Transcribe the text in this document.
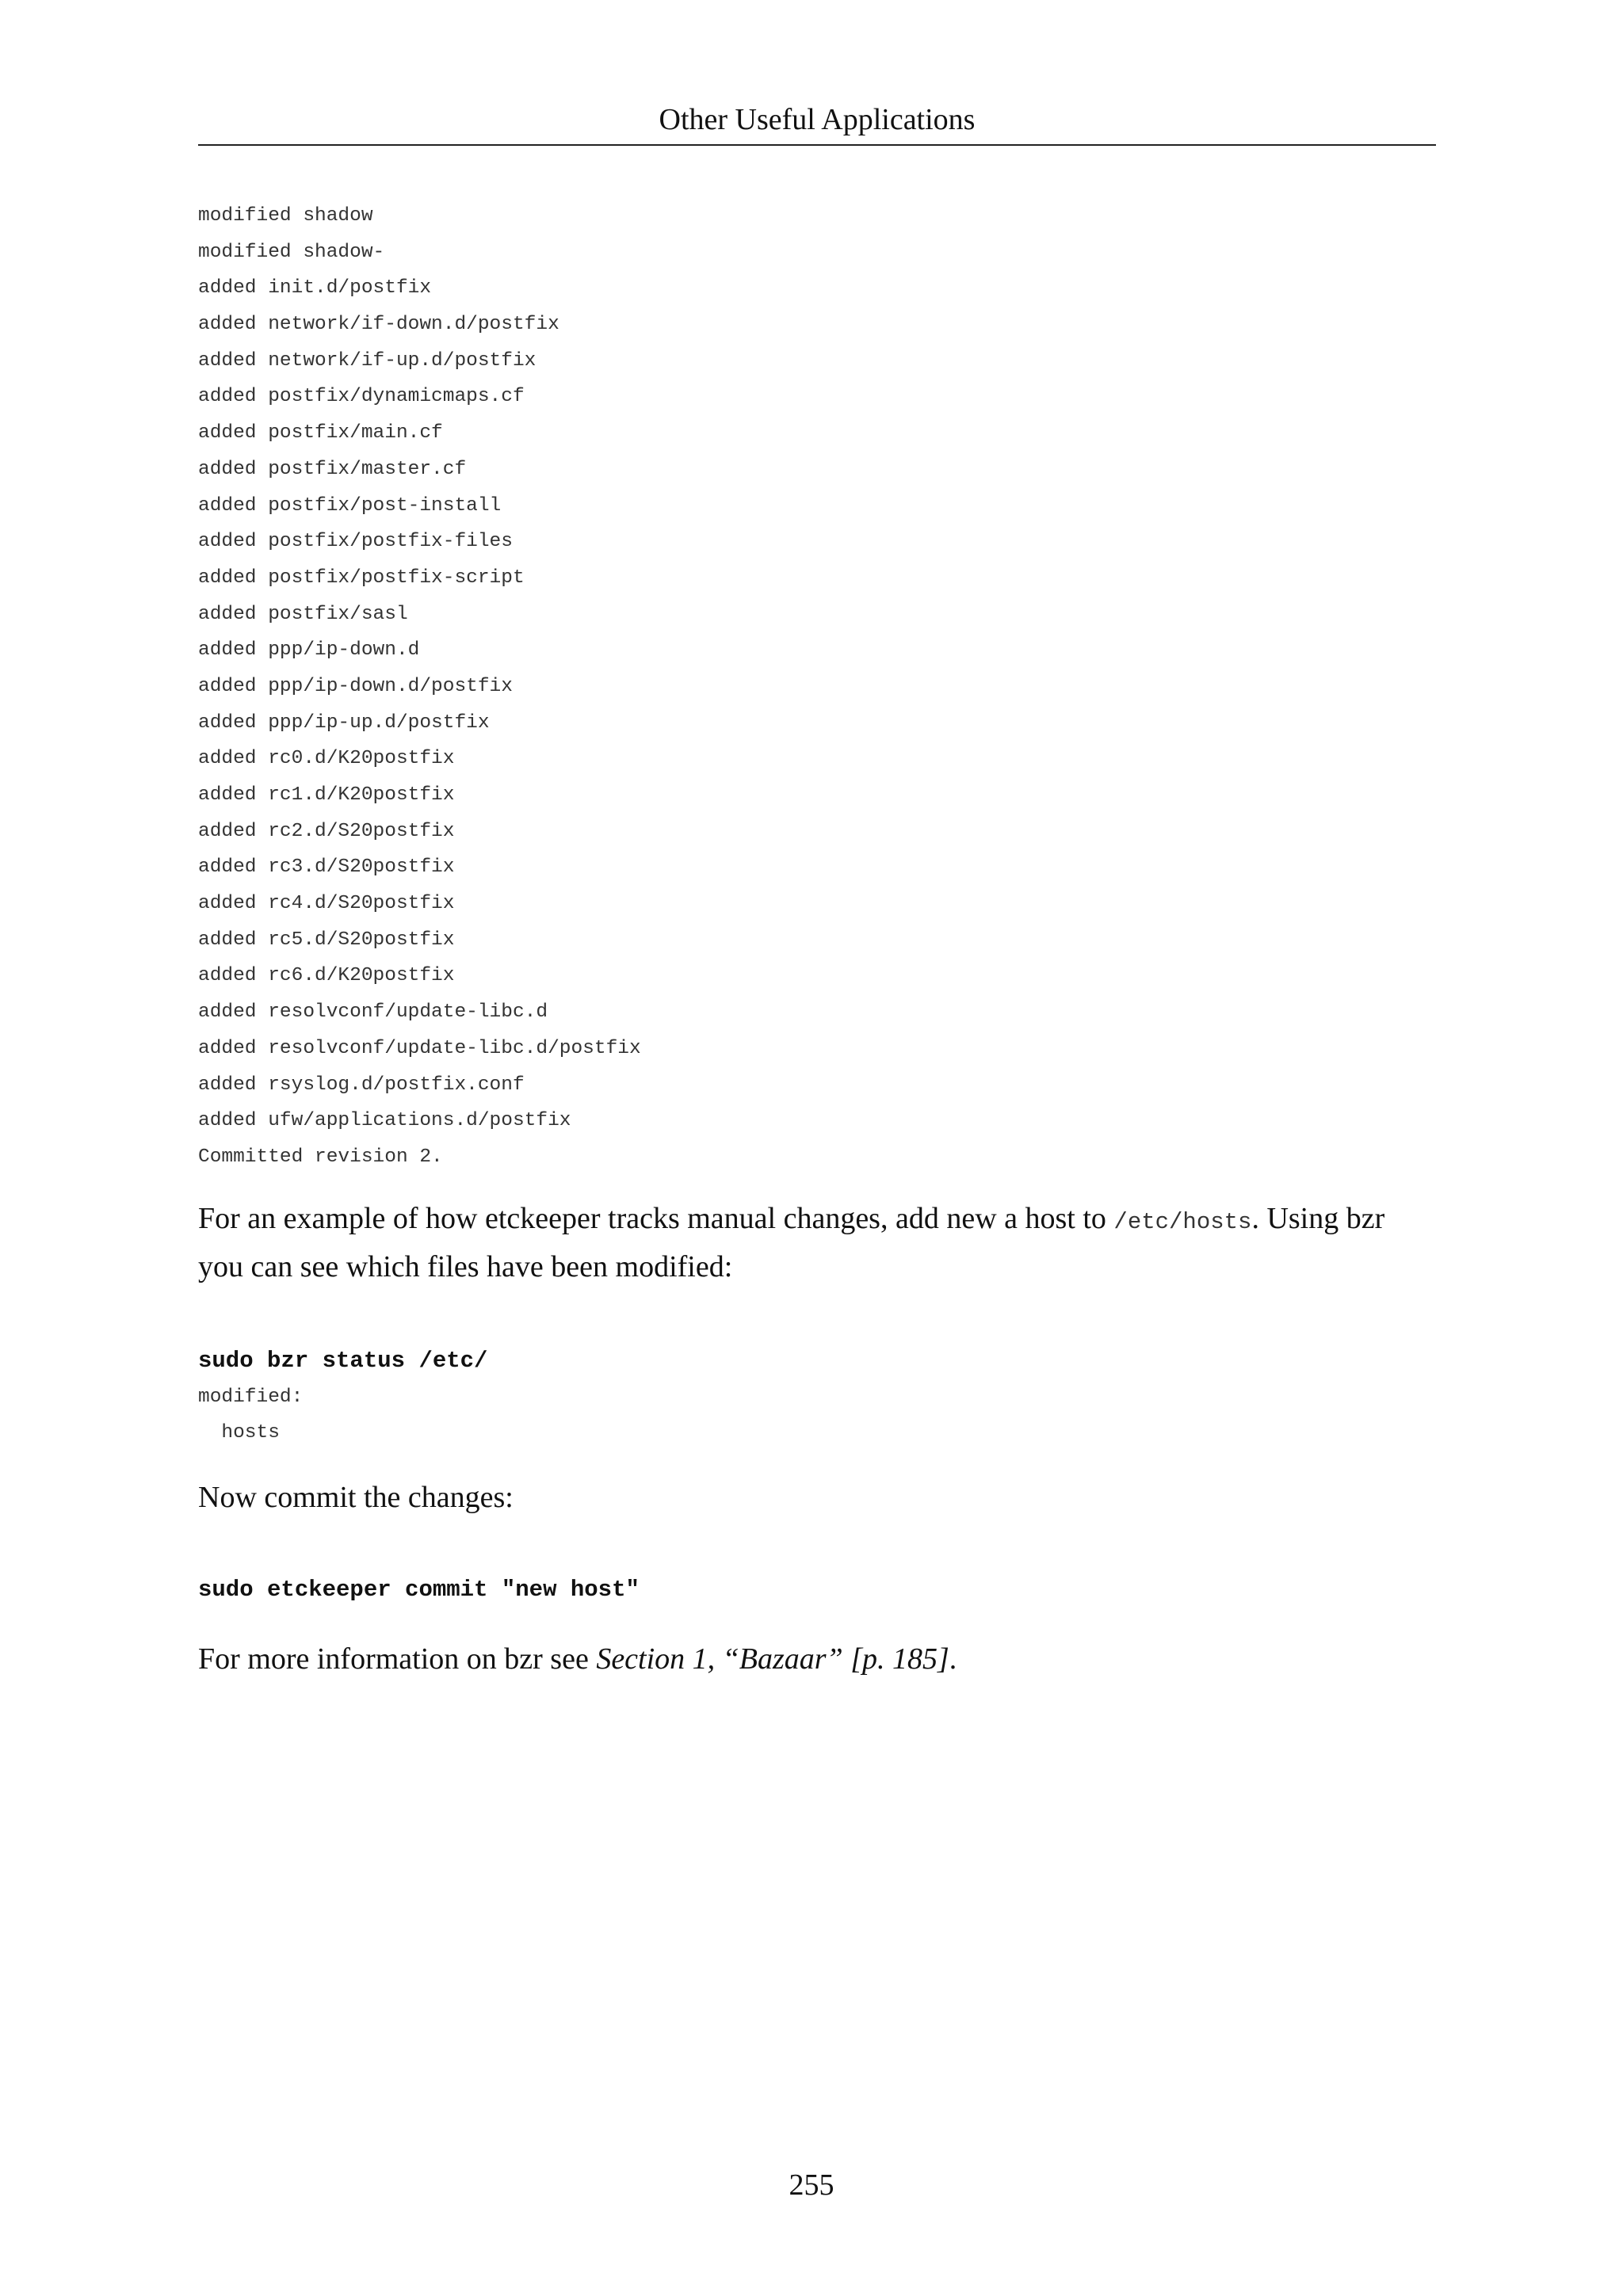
Other Useful Applications
modified shadow
modified shadow-
added init.d/postfix
added network/if-down.d/postfix
added network/if-up.d/postfix
added postfix/dynamicmaps.cf
added postfix/main.cf
added postfix/master.cf
added postfix/post-install
added postfix/postfix-files
added postfix/postfix-script
added postfix/sasl
added ppp/ip-down.d
added ppp/ip-down.d/postfix
added ppp/ip-up.d/postfix
added rc0.d/K20postfix
added rc1.d/K20postfix
added rc2.d/S20postfix
added rc3.d/S20postfix
added rc4.d/S20postfix
added rc5.d/S20postfix
added rc6.d/K20postfix
added resolvconf/update-libc.d
added resolvconf/update-libc.d/postfix
added rsyslog.d/postfix.conf
added ufw/applications.d/postfix
Committed revision 2.

For an example of how etckeeper tracks manual changes, add new a host to /etc/hosts. Using bzr you can see which files have been modified:

sudo bzr status /etc/
modified:
hosts

Now commit the changes:

sudo etckeeper commit "new host"

For more information on bzr see Section 1, “Bazaar” [p. 185].

255
